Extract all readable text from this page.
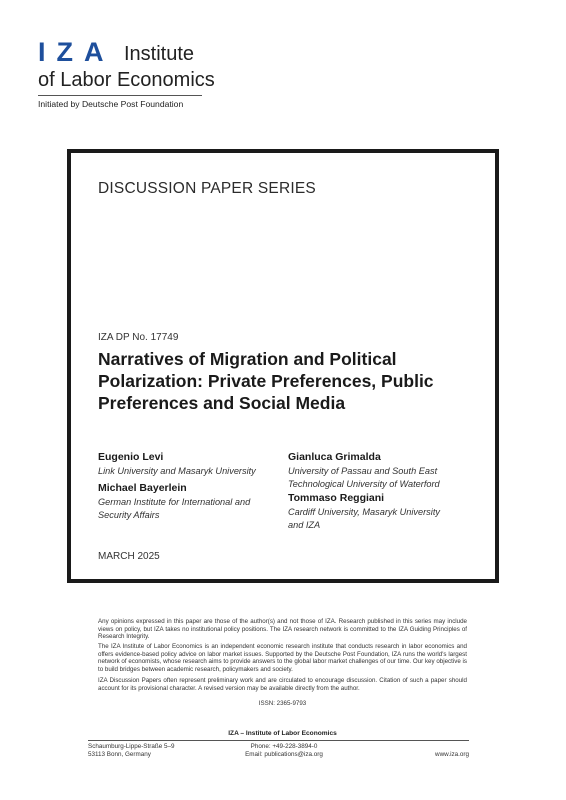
IZA Institute
of Labor Economics
Initiated by Deutsche Post Foundation
DISCUSSION PAPER SERIES
IZA DP No. 17749
Narratives of Migration and Political Polarization: Private Preferences, Public Preferences and Social Media
Eugenio Levi
Link University and Masaryk University
Michael Bayerlein
German Institute for International and Security Affairs
Gianluca Grimalda
University of Passau and South East Technological University of Waterford
Tommaso Reggiani
Cardiff University, Masaryk University and IZA
MARCH 2025
Any opinions expressed in this paper are those of the author(s) and not those of IZA. Research published in this series may include views on policy, but IZA takes no institutional policy positions. The IZA research network is committed to the IZA Guiding Principles of Research Integrity.
The IZA Institute of Labor Economics is an independent economic research institute that conducts research in labor economics and offers evidence-based policy advice on labor market issues. Supported by the Deutsche Post Foundation, IZA runs the world's largest network of economists, whose research aims to provide answers to the global labor market challenges of our time. Our key objective is to build bridges between academic research, policymakers and society.
IZA Discussion Papers often represent preliminary work and are circulated to encourage discussion. Citation of such a paper should account for its provisional character. A revised version may be available directly from the author.
ISSN: 2365-9793
IZA – Institute of Labor Economics
Schaumburg-Lippe-Straße 5–9
53113 Bonn, Germany
Phone: +49-228-3894-0
Email: publications@iza.org	www.iza.org
